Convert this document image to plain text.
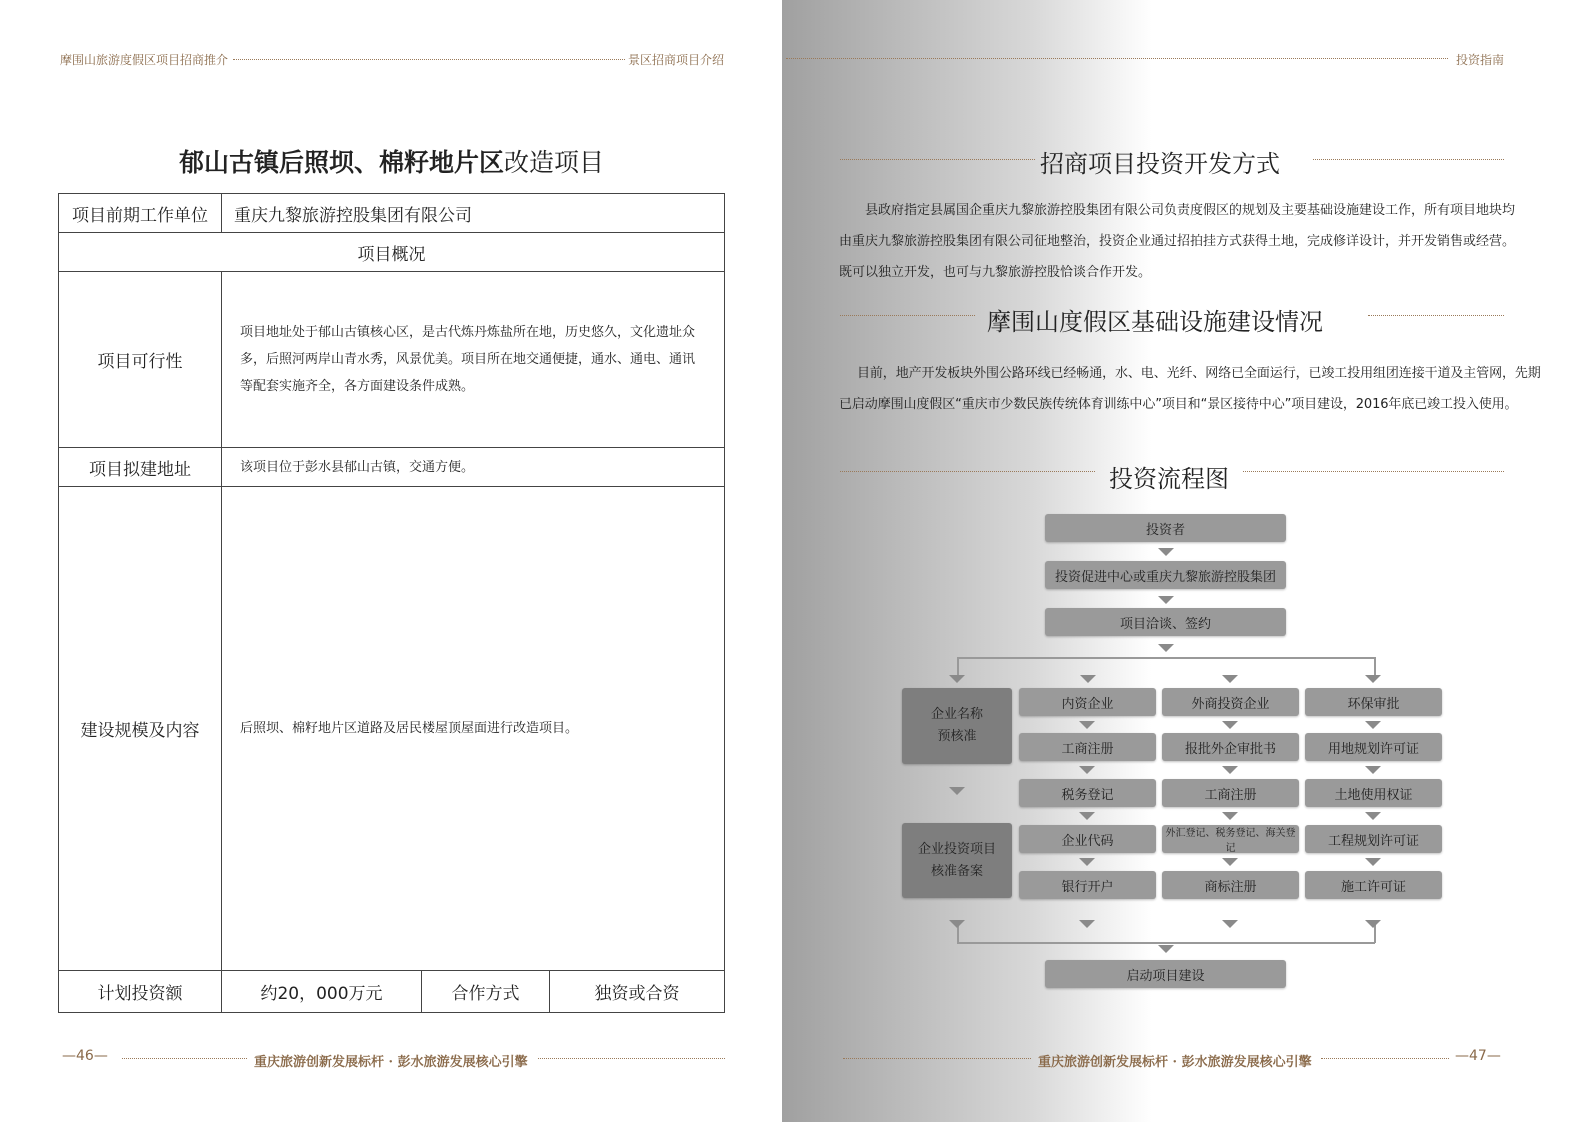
摩围山旅游度假区项目招商推介	景区招商项目介绍
郁山古镇后照坝、棉籽地片区改造项目
项目前期工作单位	重庆九黎旅游控股集团有限公司		
项目概况			
项目可行性	项目地址处于郁山古镇核心区，是古代炼丹炼盐所在地，历史悠久，文化遗址众多，后照河两岸山青水秀，风景优美。项目所在地交通便捷，通水、通电、通讯等配套实施齐全，各方面建设条件成熟。		
项目拟建地址	该项目位于彭水县郁山古镇，交通方便。		
建设规模及内容	后照坝、棉籽地片区道路及居民楼屋顶屋面进行改造项目。		
计划投资额	约20，000万元	合作方式	独资或合资
—46—	重庆旅游创新发展标杆 · 彭水旅游发展核心引擎
投资指南
招商项目投资开发方式
县政府指定县属国企重庆九黎旅游控股集团有限公司负责度假区的规划及主要基础设施建设工作，所有项目地块均由重庆九黎旅游控股集团有限公司征地整治，投资企业通过招拍挂方式获得土地，完成修详设计，并开发销售或经营。既可以独立开发，也可与九黎旅游控股恰谈合作开发。
摩围山度假区基础设施建设情况
目前，地产开发板块外围公路环线已经畅通，水、电、光纤、网络已全面运行，已竣工投用组团连接干道及主管网，先期已启动摩围山度假区“重庆市少数民族传统体育训练中心”项目和“景区接待中心”项目建设，2016年底已竣工投入使用。
投资流程图
投资者
投资促进中心或重庆九黎旅游控股集团
项目洽谈、签约
企业名称预核准
企业投资项目核准备案
启动项目建设
内资企业
工商注册
税务登记
企业代码
银行开户
外商投资企业
报批外企审批书
工商注册
外汇登记、税务登记、海关登记
商标注册
环保审批
用地规划许可证
土地使用权证
工程规划许可证
施工许可证
—47—
重庆旅游创新发展标杆 · 彭水旅游发展核心引擎
